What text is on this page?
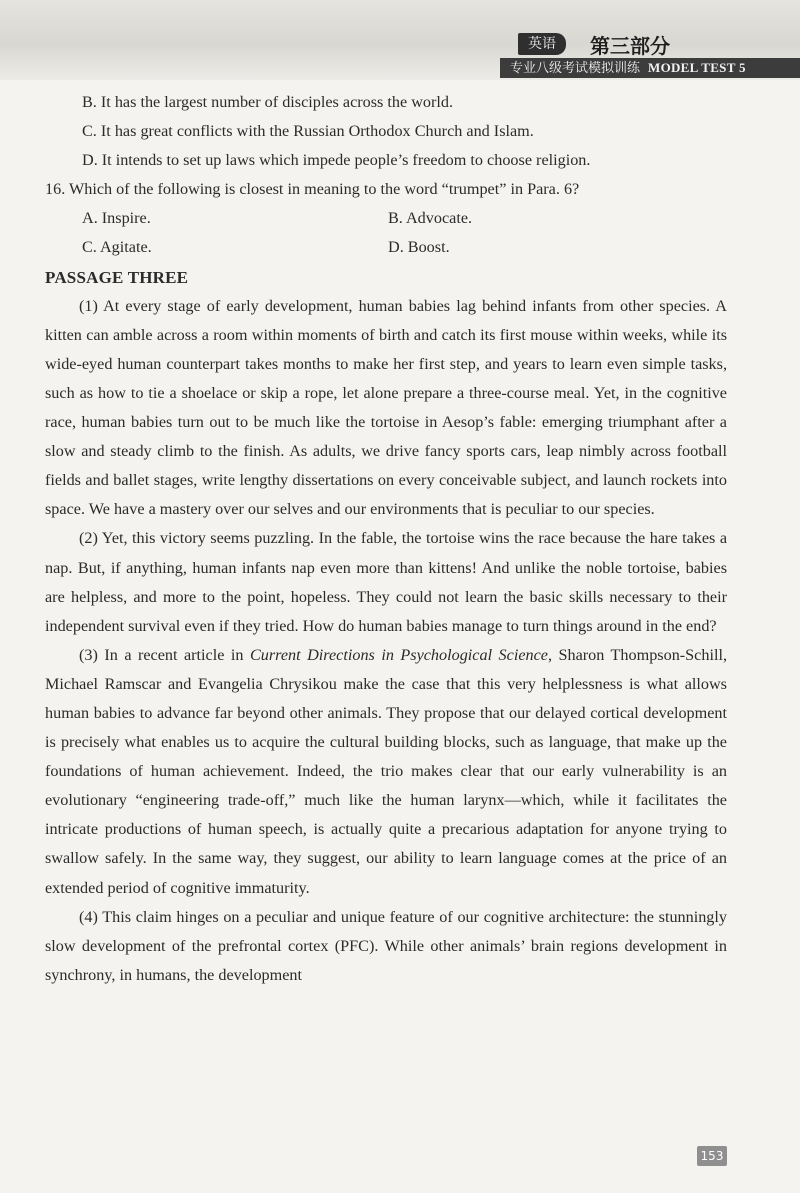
英语	第三部分
专业八级考试模拟训练 MODEL TEST 5
B. It has the largest number of disciples across the world.
C. It has great conflicts with the Russian Orthodox Church and Islam.
D. It intends to set up laws which impede people’s freedom to choose religion.
16. Which of the following is closest in meaning to the word “trumpet” in Para. 6?
A. Inspire.	B. Advocate.
C. Agitate.	D. Boost.
PASSAGE THREE

(1) At every stage of early development, human babies lag behind infants from other species. A kitten can amble across a room within moments of birth and catch its first mouse within weeks, while its wide-eyed human counterpart takes months to make her first step, and years to learn even simple tasks, such as how to tie a shoelace or skip a rope, let alone prepare a three-course meal. Yet, in the cognitive race, human babies turn out to be much like the tortoise in Aesop’s fable: emerging triumphant after a slow and steady climb to the finish. As adults, we drive fancy sports cars, leap nimbly across football fields and ballet stages, write lengthy dissertations on every conceivable subject, and launch rockets into space. We have a mastery over our selves and our environments that is peculiar to our species.

(2) Yet, this victory seems puzzling. In the fable, the tortoise wins the race because the hare takes a nap. But, if anything, human infants nap even more than kittens! And unlike the noble tortoise, babies are helpless, and more to the point, hopeless. They could not learn the basic skills necessary to their independent survival even if they tried. How do human babies manage to turn things around in the end?

(3) In a recent article in Current Directions in Psychological Science, Sharon Thompson-Schill, Michael Ramscar and Evangelia Chrysikou make the case that this very helplessness is what allows human babies to advance far beyond other animals. They propose that our delayed cortical development is precisely what enables us to acquire the cultural building blocks, such as language, that make up the foundations of human achievement. Indeed, the trio makes clear that our early vulnerability is an evolutionary “engineering trade-off,” much like the human larynx—which, while it facilitates the intricate productions of human speech, is actually quite a precarious adaptation for anyone trying to swallow safely. In the same way, they suggest, our ability to learn language comes at the price of an extended period of cognitive immaturity.

(4) This claim hinges on a peculiar and unique feature of our cognitive architecture: the stunningly slow development of the prefrontal cortex (PFC). While other animals’ brain regions development in synchrony, in humans, the development

153
